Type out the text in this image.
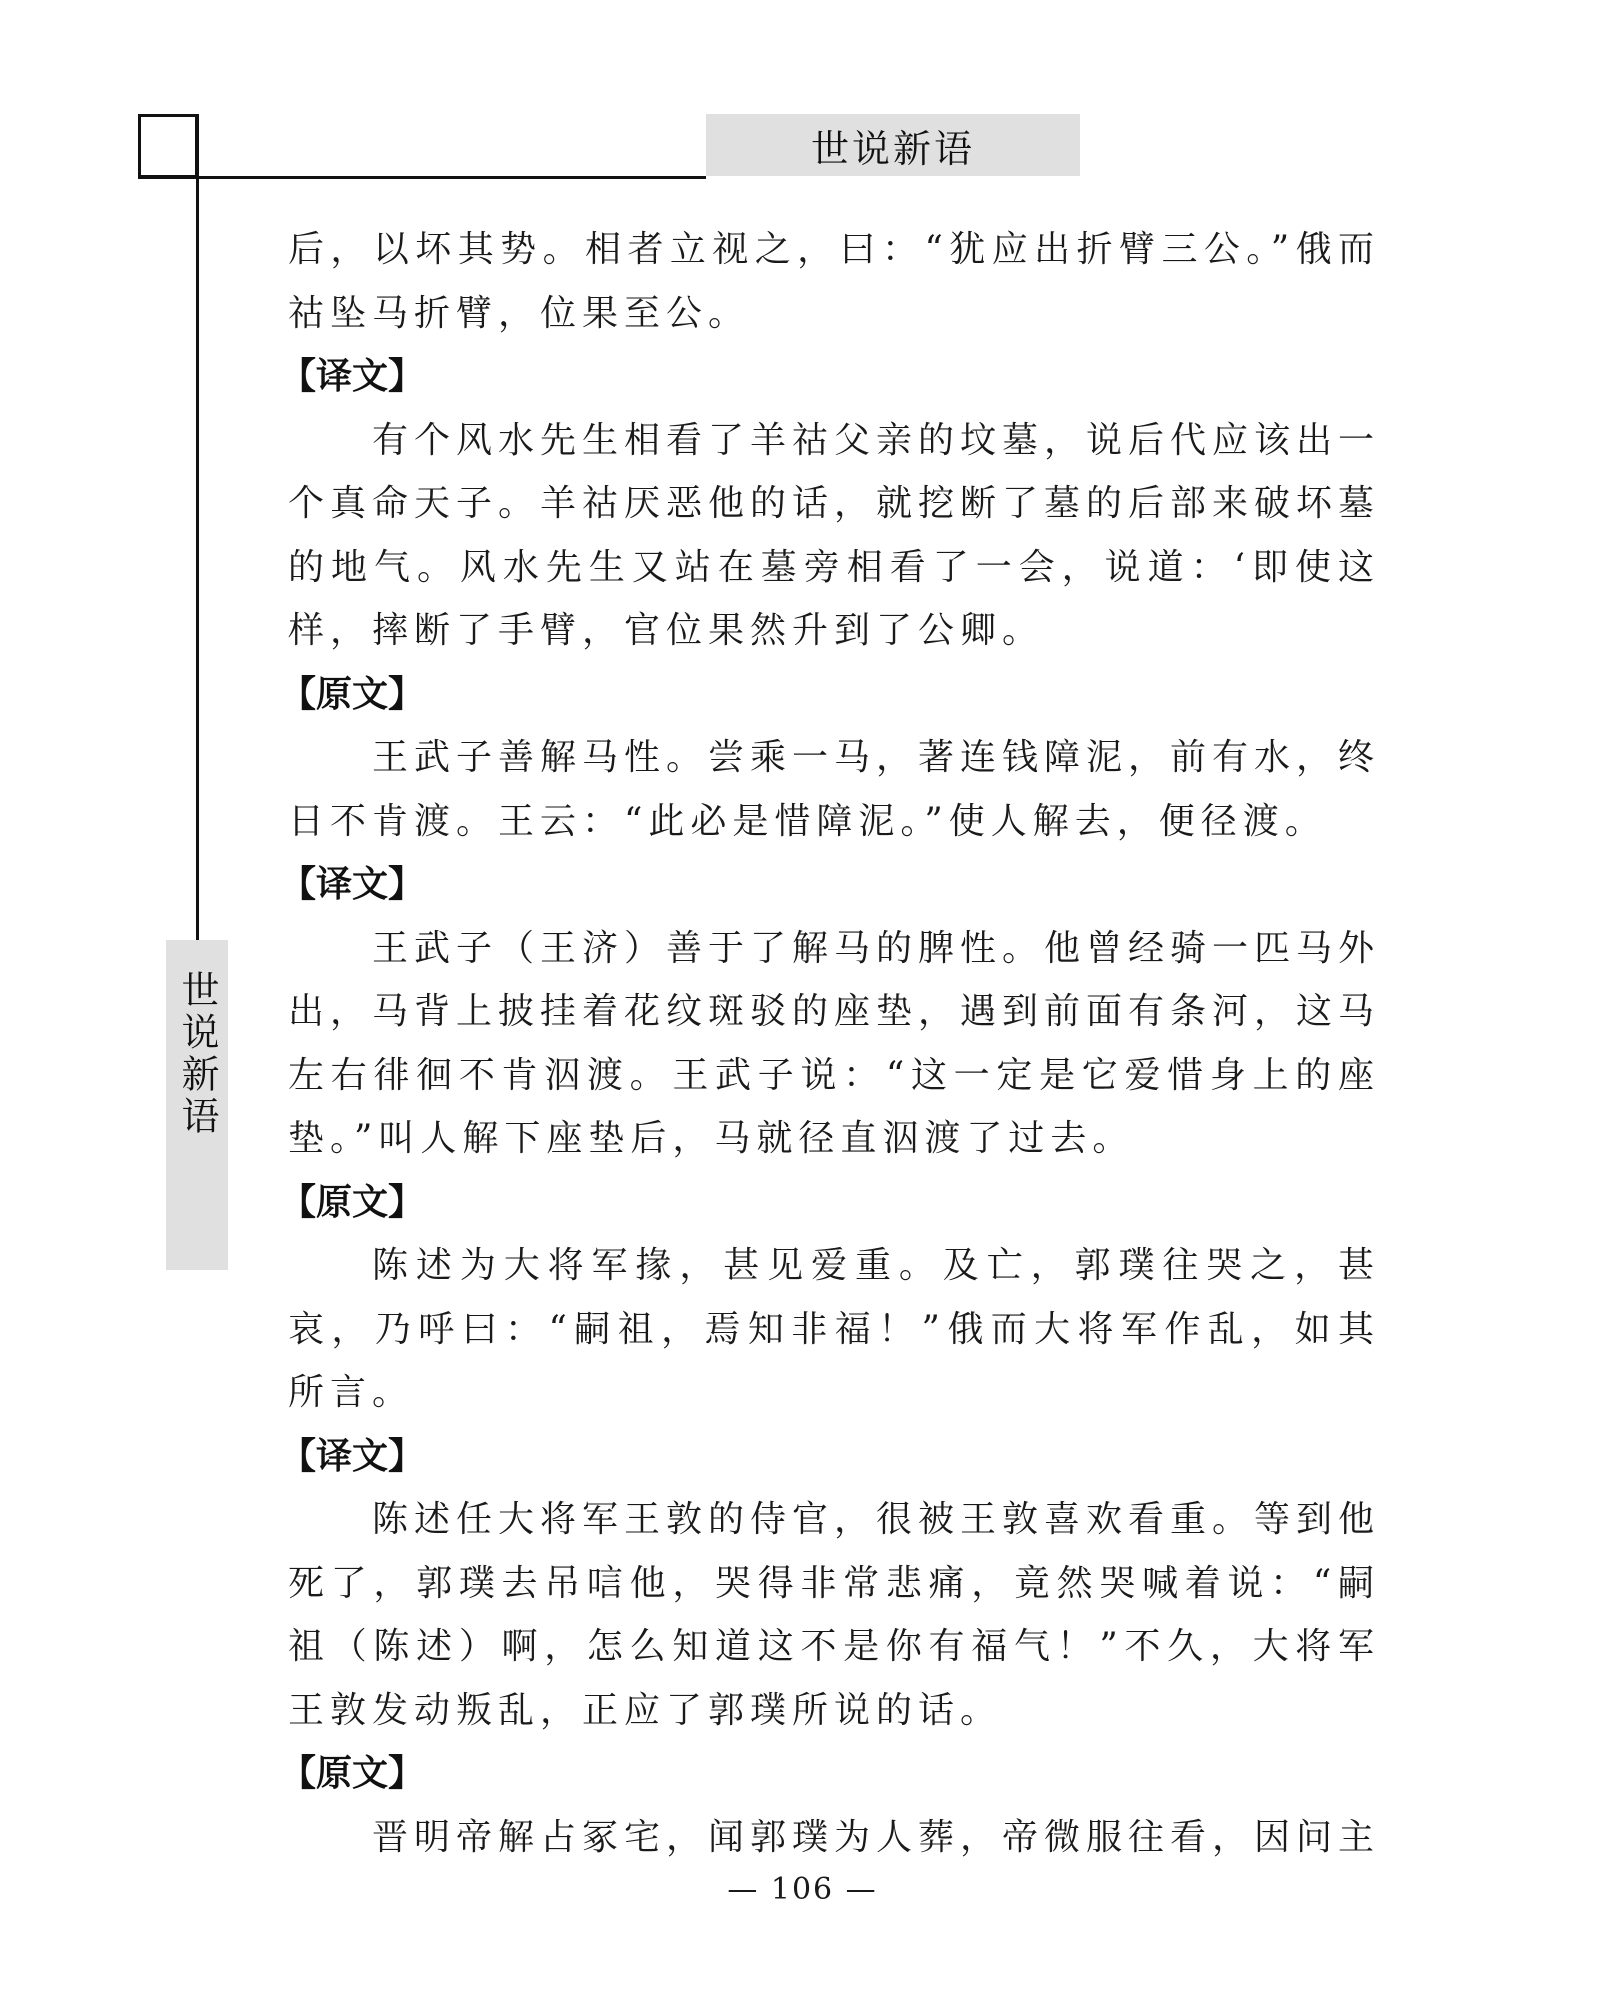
世说新语
世说新语

后，以坏其势。相者立视之，曰：“犹应出折臂三公。”俄而祜坠马折臂，位果至公。

【译文】

有个风水先生相看了羊祜父亲的坟墓，说后代应该出一个真命天子。羊祜厌恶他的话，就挖断了墓的后部来破坏墓的地气。风水先生又站在墓旁相看了一会，说道：‘即使这样，摔断了手臂，官位果然升到了公卿。

【原文】

王武子善解马性。尝乘一马，著连钱障泥，前有水，终日不肯渡。王云：“此必是惜障泥。”使人解去，便径渡。

【译文】

王武子（王济）善于了解马的脾性。他曾经骑一匹马外出，马背上披挂着花纹斑驳的座垫，遇到前面有条河，这马左右徘徊不肯泅渡。王武子说：“这一定是它爱惜身上的座垫。”叫人解下座垫后，马就径直泅渡了过去。

【原文】

陈述为大将军掾，甚见爱重。及亡，郭璞往哭之，甚哀，乃呼曰：“嗣祖，焉知非福！”俄而大将军作乱，如其所言。

【译文】

陈述任大将军王敦的侍官，很被王敦喜欢看重。等到他死了，郭璞去吊唁他，哭得非常悲痛，竟然哭喊着说：“嗣祖（陈述）啊，怎么知道这不是你有福气！”不久，大将军王敦发动叛乱，正应了郭璞所说的话。

【原文】

晋明帝解占冢宅，闻郭璞为人葬，帝微服往看，因问主

— 106 —
